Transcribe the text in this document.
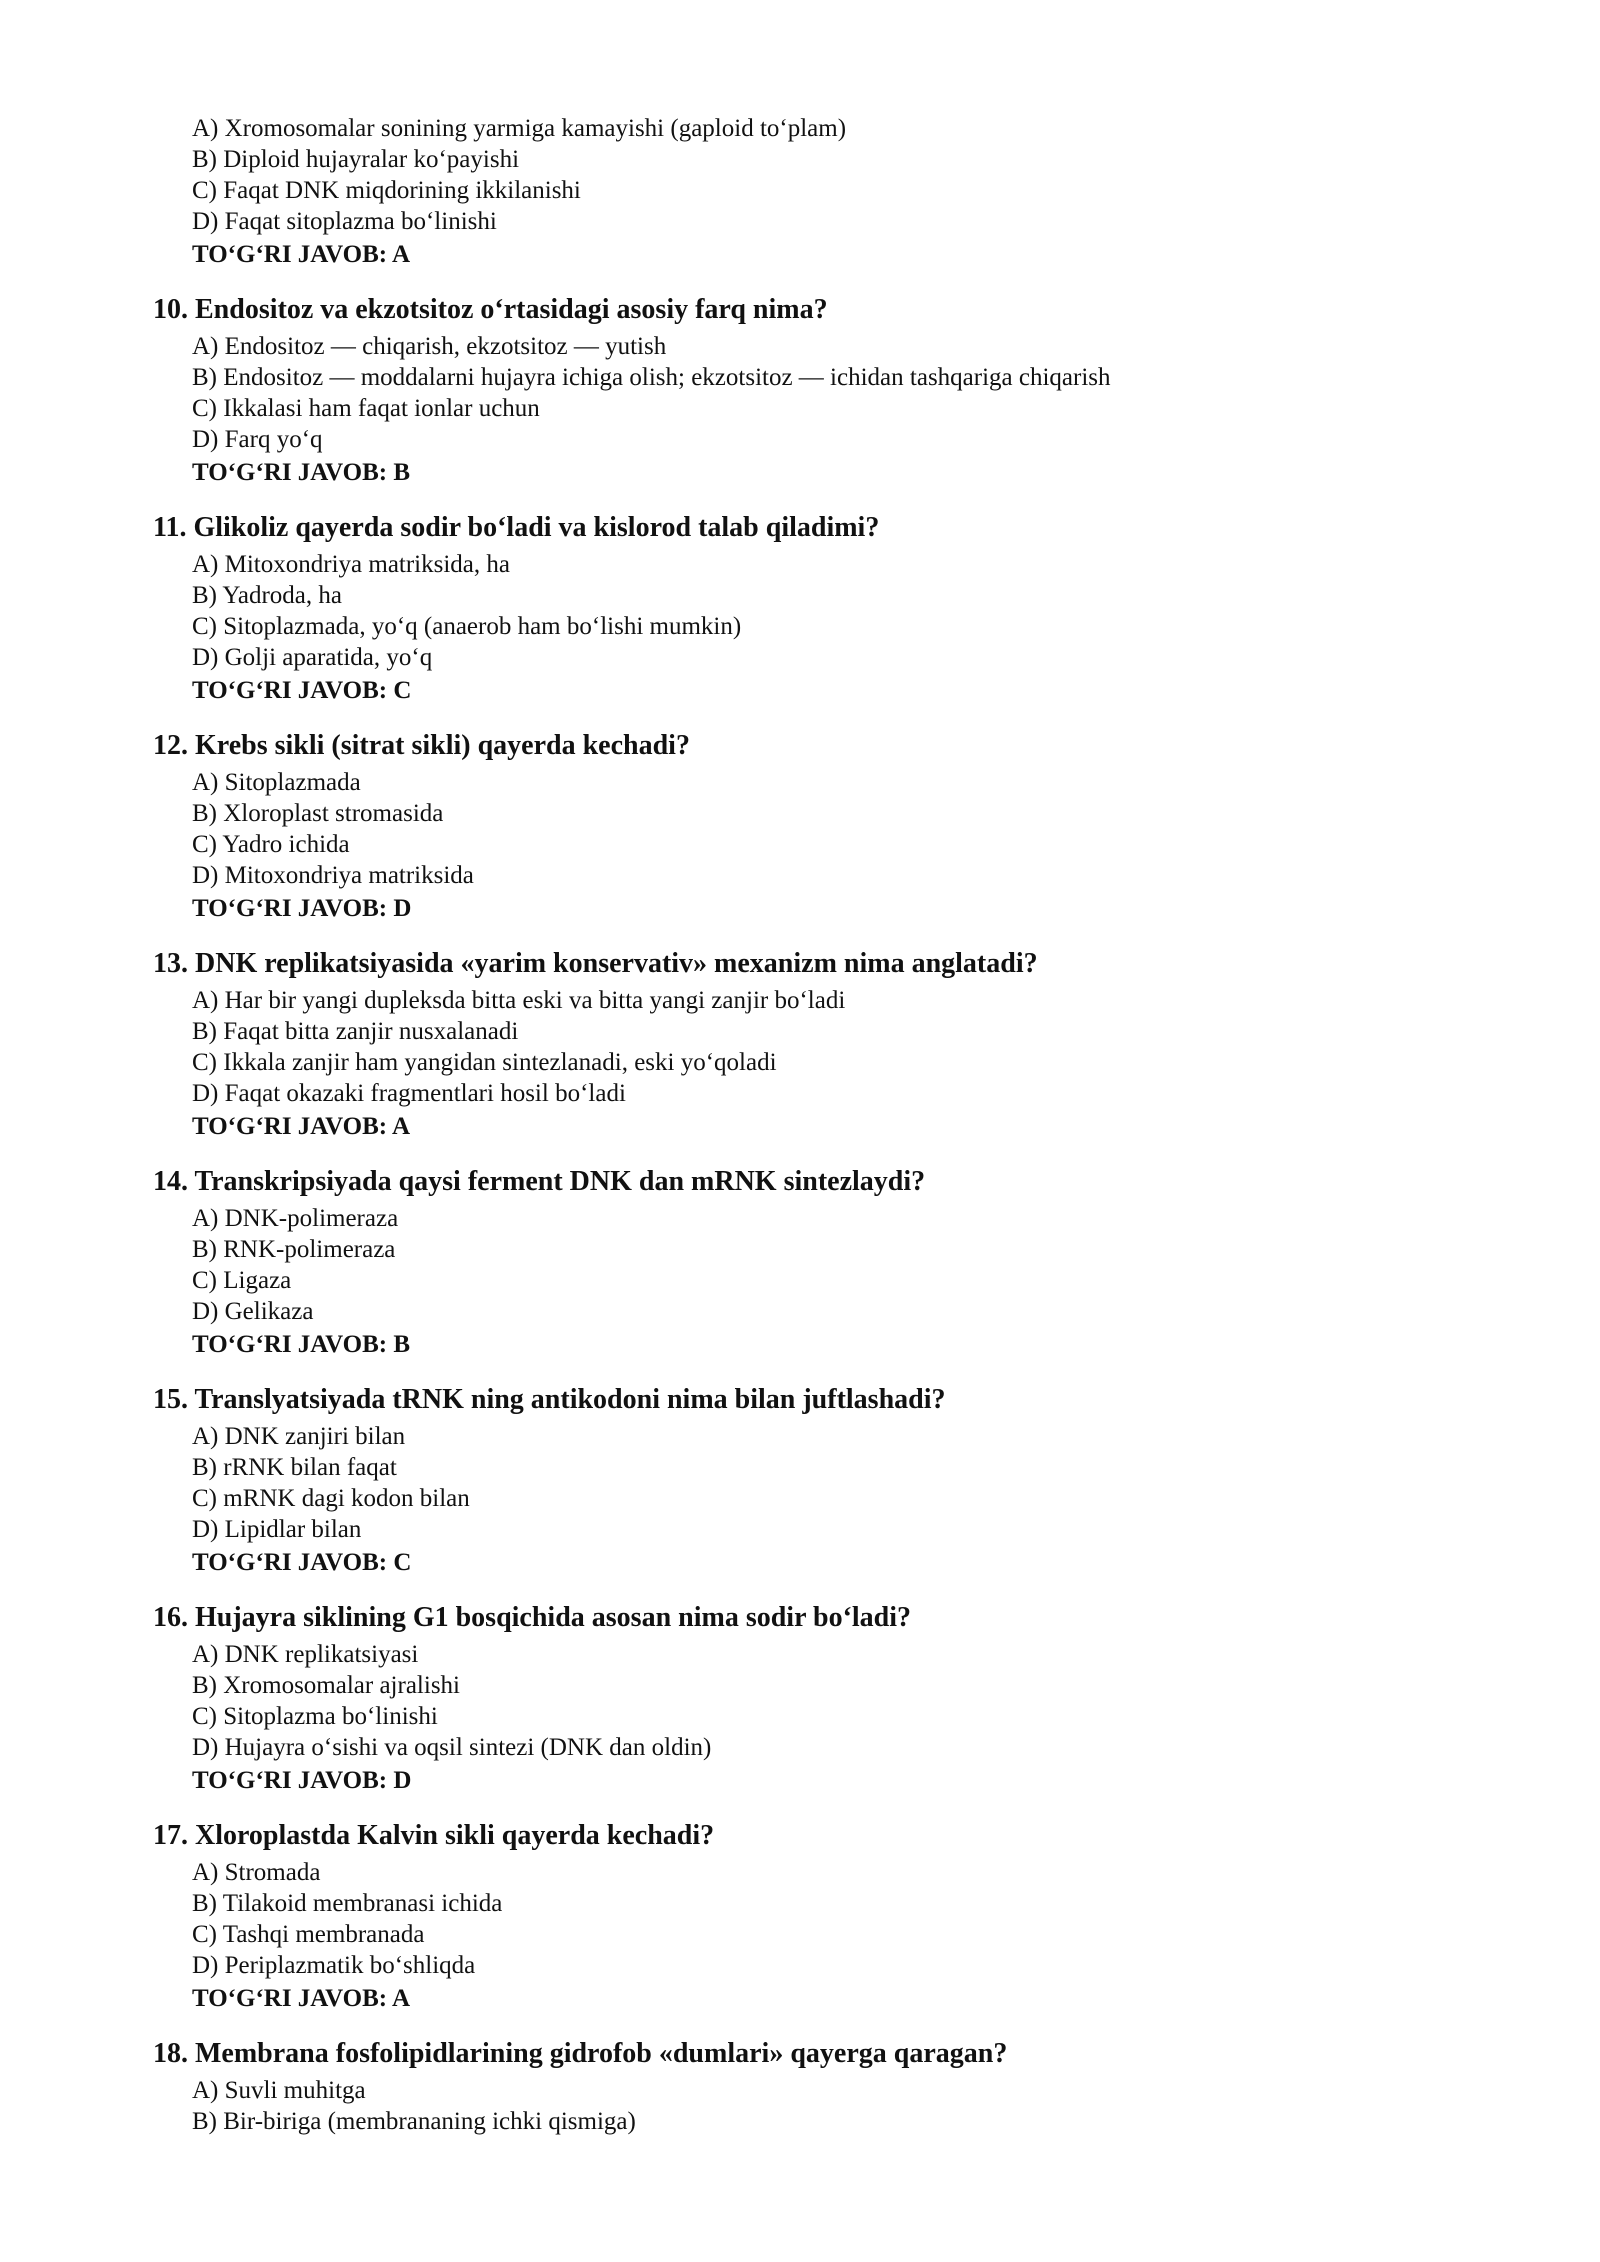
A) Xromosomalar sonining yarmiga kamayishi (gaploid to‘plam)
B) Diploid hujayralar ko‘payishi
C) Faqat DNK miqdorining ikkilanishi
D) Faqat sitoplazma bo‘linishi
TO‘G‘RI JAVOB: A
10. Endositoz va ekzotsitoz o‘rtasidagi asosiy farq nima?
A) Endositoz — chiqarish, ekzotsitoz — yutish
B) Endositoz — moddalarni hujayra ichiga olish; ekzotsitoz — ichidan tashqariga chiqarish
C) Ikkalasi ham faqat ionlar uchun
D) Farq yo‘q
TO‘G‘RI JAVOB: B
11. Glikoliz qayerda sodir bo‘ladi va kislorod talab qiladimi?
A) Mitoxondriya matriksida, ha
B) Yadroda, ha
C) Sitoplazmada, yo‘q (anaerob ham bo‘lishi mumkin)
D) Golji aparatida, yo‘q
TO‘G‘RI JAVOB: C
12. Krebs sikli (sitrat sikli) qayerda kechadi?
A) Sitoplazmada
B) Xloroplast stromasida
C) Yadro ichida
D) Mitoxondriya matriksida
TO‘G‘RI JAVOB: D
13. DNK replikatsiyasida «yarim konservativ» mexanizm nima anglatadi?
A) Har bir yangi dupleksda bitta eski va bitta yangi zanjir bo‘ladi
B) Faqat bitta zanjir nusxalanadi
C) Ikkala zanjir ham yangidan sintezlanadi, eski yo‘qoladi
D) Faqat okazaki fragmentlari hosil bo‘ladi
TO‘G‘RI JAVOB: A
14. Transkripsiyada qaysi ferment DNK dan mRNK sintezlaydi?
A) DNK-polimeraza
B) RNK-polimeraza
C) Ligaza
D) Gelikaza
TO‘G‘RI JAVOB: B
15. Translyatsiyada tRNK ning antikodoni nima bilan juftlashadi?
A) DNK zanjiri bilan
B) rRNK bilan faqat
C) mRNK dagi kodon bilan
D) Lipidlar bilan
TO‘G‘RI JAVOB: C
16. Hujayra siklining G1 bosqichida asosan nima sodir bo‘ladi?
A) DNK replikatsiyasi
B) Xromosomalar ajralishi
C) Sitoplazma bo‘linishi
D) Hujayra o‘sishi va oqsil sintezi (DNK dan oldin)
TO‘G‘RI JAVOB: D
17. Xloroplastda Kalvin sikli qayerda kechadi?
A) Stromada
B) Tilakoid membranasi ichida
C) Tashqi membranada
D) Periplazmatik bo‘shliqda
TO‘G‘RI JAVOB: A
18. Membrana fosfolipidlarining gidrofob «dumlari» qayerga qaragan?
A) Suvli muhitga
B) Bir-biriga (membrananing ichki qismiga)
